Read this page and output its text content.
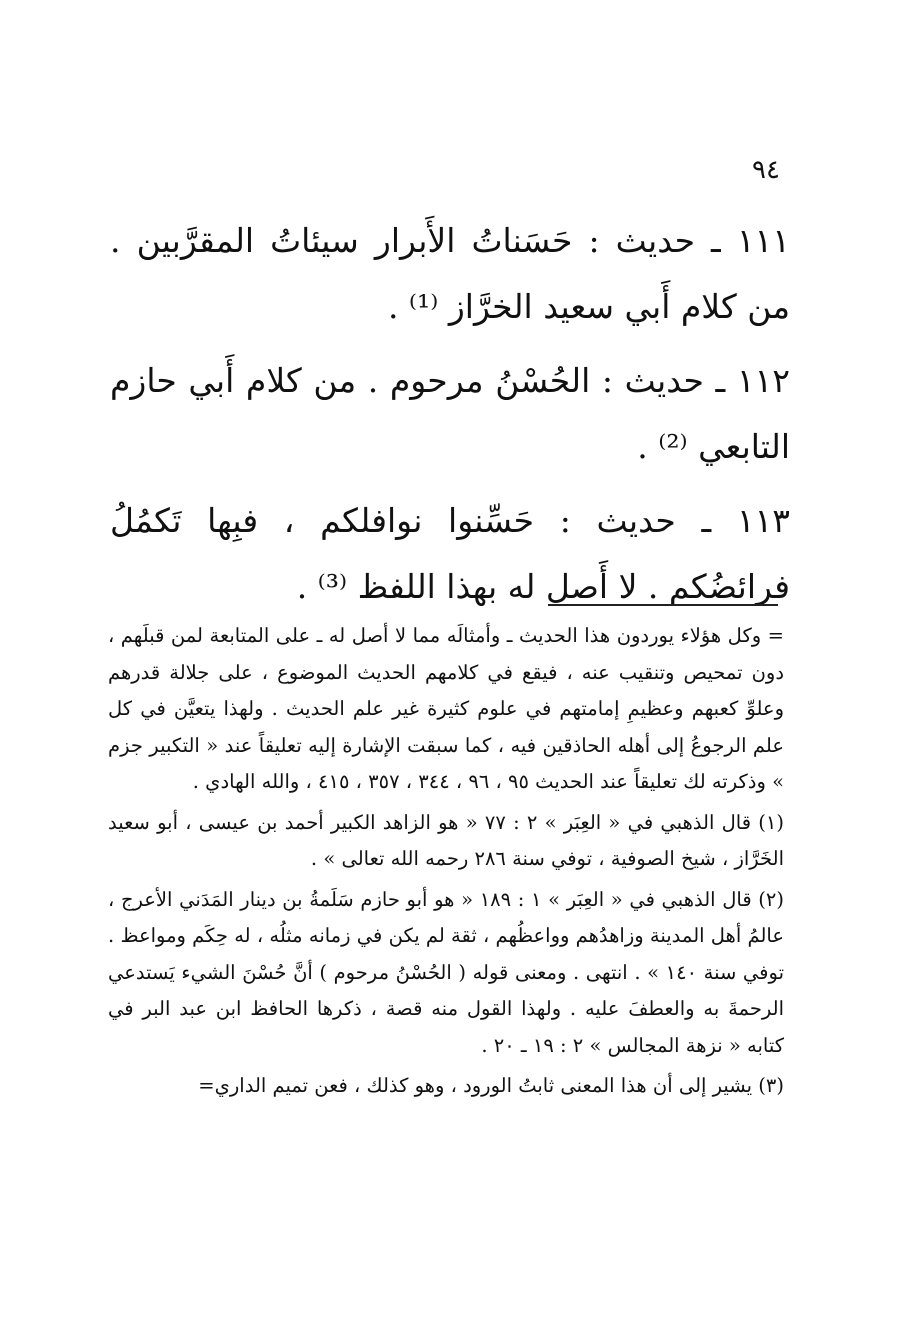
٩٤

١١١ ـ حديث : حَسَناتُ الأَبرار سيئاتُ المقرَّبين . من كلام أَبي سعيد الخرَّاز ⁽¹⁾ .

١١٢ ـ حديث : الحُسْنُ مرحوم . من كلام أَبي حازم التابعي ⁽²⁾ .

١١٣ ـ حديث : حَسِّنوا نوافلكم ، فبِها تَكمُلُ فرائضُكم . لا أَصل له بهذا اللفظ ⁽³⁾ .

= وكل هؤلاء يوردون هذا الحديث ـ وأمثالَه مما لا أصل له ـ على المتابعة لمن قبلَهم ، دون تمحيص وتنقيب عنه ، فيقع في كلامهم الحديث الموضوع ، على جلالة قدرهم وعلوِّ كعبهم وعظيمِ إمامتهم في علوم كثيرة غير علم الحديث . ولهذا يتعيَّن في كل علم الرجوعُ إلى أهله الحاذقين فيه ، كما سبقت الإشارة إليه تعليقاً عند « التكبير جزم » وذكرته لك تعليقاً عند الحديث ٩٥ ، ٩٦ ، ٣٤٤ ، ٣٥٧ ، ٤١٥ ، والله الهادي .

(١) قال الذهبي في « العِبَر » ٢ : ٧٧ « هو الزاهد الكبير أحمد بن عيسى ، أبو سعيد الخَرَّاز ، شيخ الصوفية ، توفي سنة ٢٨٦ رحمه الله تعالى » .

(٢) قال الذهبي في « العِبَر » ١ : ١٨٩ « هو أبو حازم سَلَمةُ بن دينار المَدَني الأعرج ، عالمُ أهل المدينة وزاهدُهم وواعظُهم ، ثقة لم يكن في زمانه مثلُه ، له حِكَم ومواعظ . توفي سنة ١٤٠ » . انتهى . ومعنى قوله ( الحُسْنُ مرحوم ) أنَّ حُسْنَ الشيء يَستدعي الرحمةَ به والعطفَ عليه . ولهذا القول منه قصة ، ذكرها الحافظ ابن عبد البر في كتابه « نزهة المجالس » ٢ : ١٩ ـ ٢٠ .

(٣) يشير إلى أن هذا المعنى ثابتُ الورود ، وهو كذلك ، فعن تميم الداري=
